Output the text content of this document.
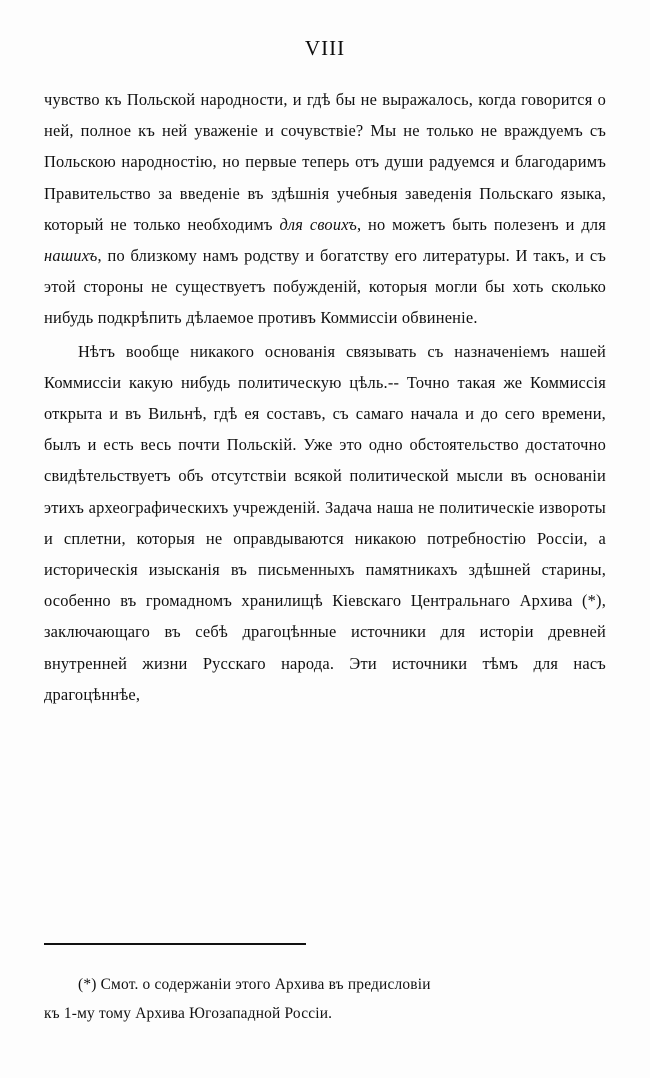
VIII

чувство къ Польской народности, и гдѣ бы не выражалось, когда говорится о ней, полное къ ней уваженіе и сочувствіе? Мы не только не враждуемъ съ Польскою народностію, но первые теперь отъ души радуемся и благодаримъ Правительство за введеніе въ здѣшнія учебныя заведенія Польскаго языка, который не только необходимъ для своихъ, но можетъ быть полезенъ и для нашихъ, по близкому намъ родству и богатству его литературы. И такъ, и съ этой стороны не существуетъ побужденій, которыя могли бы хоть сколько нибудь подкрѣпить дѣлаемое противъ Коммиссіи обвиненіе.

Нѣтъ вообще никакого основанія связывать съ назначеніемъ нашей Коммиссіи какую нибудь политическую цѣль.-- Точно такая же Коммиссія открыта и въ Вильнѣ, гдѣ ея составъ, съ самаго начала и до сего времени, былъ и есть весь почти Польскій. Уже это одно обстоятельство достаточно свидѣтельствуетъ объ отсутствіи всякой политической мысли въ основаніи этихъ археографическихъ учрежденій. Задача наша не политическіе извороты и сплетни, которыя не оправдываются никакою потребностію Россіи, а историческія изысканія въ письменныхъ памятникахъ здѣшней старины, особенно въ громадномъ хранилищѣ Кіевскаго Центральнаго Архива (*), заключающаго въ себѣ драгоцѣнные источники для исторіи древней внутренней жизни Русскаго народа. Эти источники тѣмъ для насъ драгоцѣннѣе,

(*) Смот. о содержаніи этого Архива въ предисловіи

къ 1-му тому Архива Югозападной Россіи.
